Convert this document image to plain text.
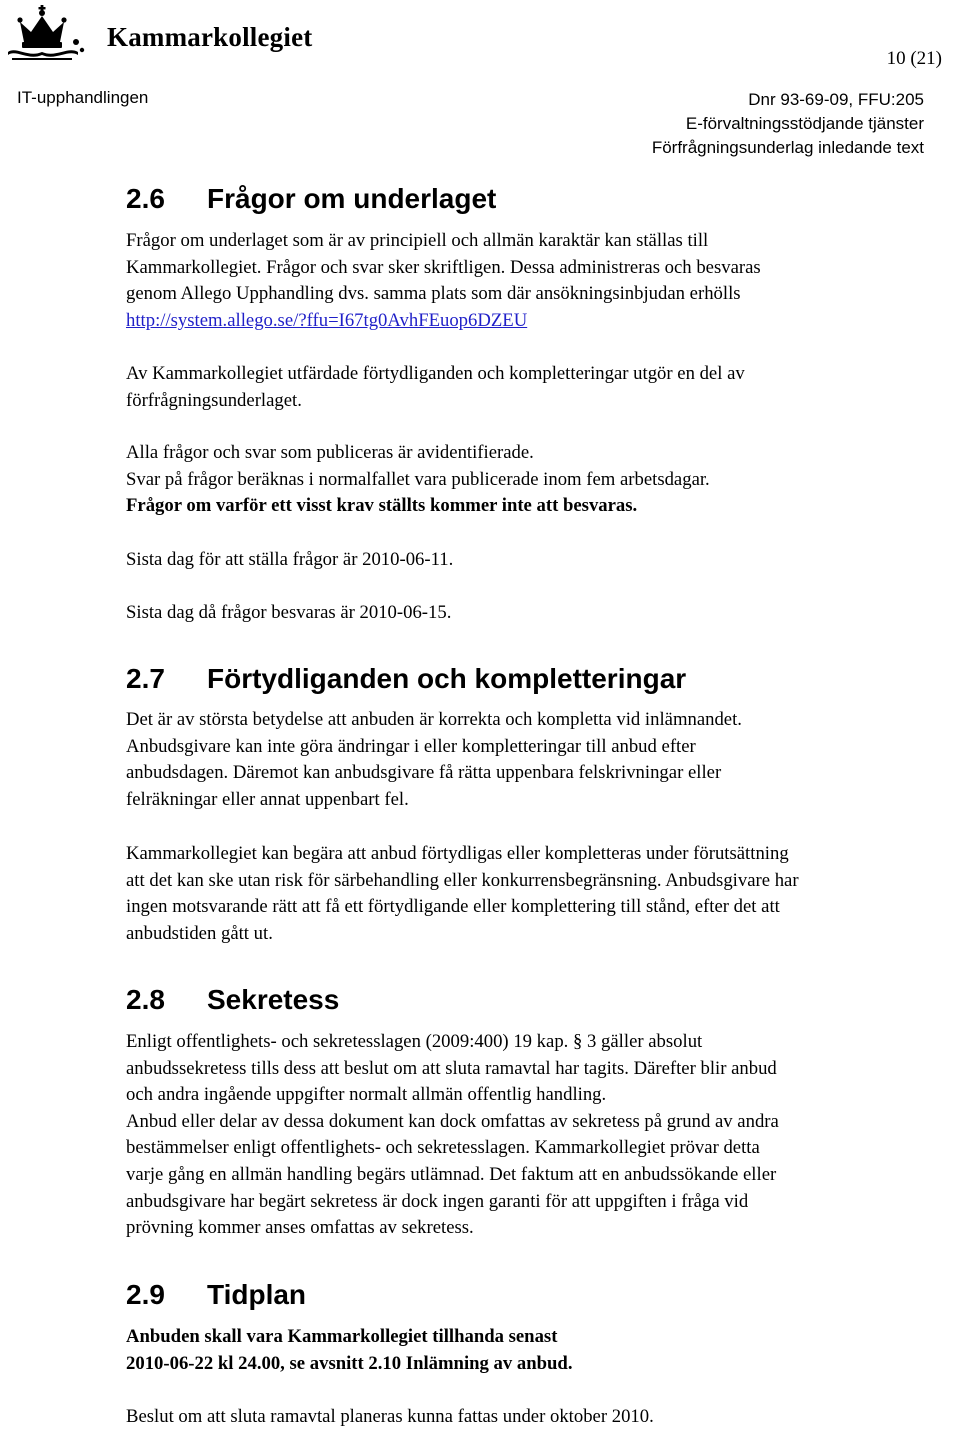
Kammarkollegiet
10 (21)
IT-upphandlingen	Dnr 93-69-09, FFU:205
E-förvaltningsstödjande tjänster
Förfrågningsunderlag inledande text
2.6 Frågor om underlaget
Frågor om underlaget som är av principiell och allmän karaktär kan ställas till
Kammarkollegiet. Frågor och svar sker skriftligen. Dessa administreras och besvaras
genom Allego Upphandling dvs. samma plats som där ansökningsinbjudan erhölls
http://system.allego.se/?ffu=I67tg0AvhFEuop6DZEU
Av Kammarkollegiet utfärdade förtydliganden och kompletteringar utgör en del av
förfrågningsunderlaget.
Alla frågor och svar som publiceras är avidentifierade.
Svar på frågor beräknas i normalfallet vara publicerade inom fem arbetsdagar.
Frågor om varför ett visst krav ställts kommer inte att besvaras.
Sista dag för att ställa frågor är 2010-06-11.
Sista dag då frågor besvaras är 2010-06-15.
2.7 Förtydliganden och kompletteringar
Det är av största betydelse att anbuden är korrekta och kompletta vid inlämnandet.
Anbudsgivare kan inte göra ändringar i eller kompletteringar till anbud efter
anbudsdagen. Däremot kan anbudsgivare få rätta uppenbara felskrivningar eller
felräkningar eller annat uppenbart fel.
Kammarkollegiet kan begära att anbud förtydligas eller kompletteras under förutsättning
att det kan ske utan risk för särbehandling eller konkurrensbegränsning. Anbudsgivare har
ingen motsvarande rätt att få ett förtydligande eller komplettering till stånd, efter det att
anbudstiden gått ut.
2.8 Sekretess
Enligt offentlighets- och sekretesslagen (2009:400) 19 kap. § 3 gäller absolut
anbudssekretess tills dess att beslut om att sluta ramavtal har tagits. Därefter blir anbud
och andra ingående uppgifter normalt allmän offentlig handling.
Anbud eller delar av dessa dokument kan dock omfattas av sekretess på grund av andra
bestämmelser enligt offentlighets- och sekretesslagen. Kammarkollegiet prövar detta
varje gång en allmän handling begärs utlämnad. Det faktum att en anbudssökande eller
anbudsgivare har begärt sekretess är dock ingen garanti för att uppgiften i fråga vid
prövning kommer anses omfattas av sekretess.
2.9 Tidplan
Anbuden skall vara Kammarkollegiet tillhanda senast
2010-06-22 kl 24.00, se avsnitt 2.10 Inlämning av anbud.
Beslut om att sluta ramavtal planeras kunna fattas under oktober 2010.
